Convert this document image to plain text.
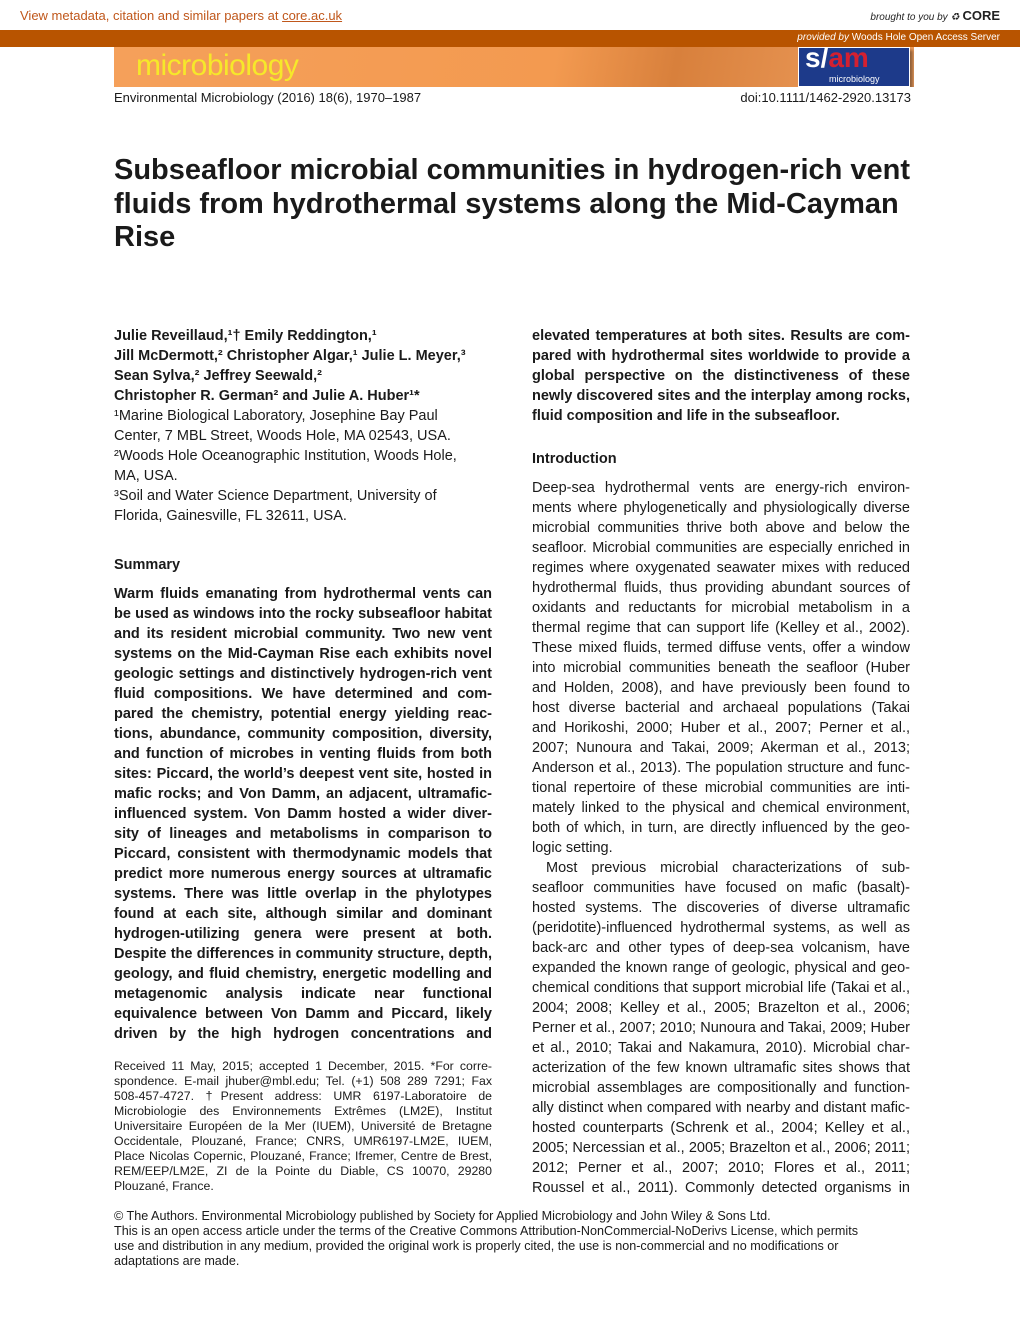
View metadata, citation and similar papers at core.ac.uk	brought to you by ♻ CORE
provided by Woods Hole Open Access Server
microbiology	s/am
microbiology
Environmental Microbiology (2016) 18(6), 1970–1987	doi:10.1111/1462-2920.13173
Subseafloor microbial communities in hydrogen-rich vent fluids from hydrothermal systems along the Mid-Cayman Rise
Julie Reveillaud,¹† Emily Reddington,¹
Jill McDermott,² Christopher Algar,¹ Julie L. Meyer,³
Sean Sylva,² Jeffrey Seewald,²
Christopher R. German² and Julie A. Huber¹*
¹Marine Biological Laboratory, Josephine Bay Paul
Center, 7 MBL Street, Woods Hole, MA 02543, USA.
²Woods Hole Oceanographic Institution, Woods Hole,
MA, USA.
³Soil and Water Science Department, University of
Florida, Gainesville, FL 32611, USA.
Summary
Warm fluids emanating from hydrothermal vents can
be used as windows into the rocky subseafloor habitat
and its resident microbial community. Two new vent
systems on the Mid-Cayman Rise each exhibits novel
geologic settings and distinctively hydrogen-rich vent
fluid compositions. We have determined and com-
pared the chemistry, potential energy yielding reac-
tions, abundance, community composition, diversity,
and function of microbes in venting fluids from both
sites: Piccard, the world’s deepest vent site, hosted in
mafic rocks; and Von Damm, an adjacent, ultramafic-
influenced system. Von Damm hosted a wider diver-
sity of lineages and metabolisms in comparison to
Piccard, consistent with thermodynamic models that
predict more numerous energy sources at ultramafic
systems. There was little overlap in the phylotypes
found at each site, although similar and dominant
hydrogen-utilizing genera were present at both.
Despite the differences in community structure, depth,
geology, and fluid chemistry, energetic modelling and
metagenomic analysis indicate near functional
equivalence between Von Damm and Piccard, likely
driven by the high hydrogen concentrations and
Received 11 May, 2015; accepted 1 December, 2015. *For corre-
spondence. E-mail jhuber@mbl.edu; Tel. (+1) 508 289 7291; Fax
508-457-4727. †Present address: UMR 6197-Laboratoire de
Microbiologie des Environnements Extrêmes (LM2E), Institut
Universitaire Européen de la Mer (IUEM), Université de Bretagne
Occidentale, Plouzané, France; CNRS, UMR6197-LM2E, IUEM,
Place Nicolas Copernic, Plouzané, France; Ifremer, Centre de Brest,
REM/EEP/LM2E, ZI de la Pointe du Diable, CS 10070, 29280
Plouzané, France.
elevated temperatures at both sites. Results are com-
pared with hydrothermal sites worldwide to provide a
global perspective on the distinctiveness of these
newly discovered sites and the interplay among rocks,
fluid composition and life in the subseafloor.
Introduction
Deep-sea hydrothermal vents are energy-rich environ-
ments where phylogenetically and physiologically diverse
microbial communities thrive both above and below the
seafloor. Microbial communities are especially enriched in
regimes where oxygenated seawater mixes with reduced
hydrothermal fluids, thus providing abundant sources of
oxidants and reductants for microbial metabolism in a
thermal regime that can support life (Kelley et al., 2002).
These mixed fluids, termed diffuse vents, offer a window
into microbial communities beneath the seafloor (Huber
and Holden, 2008), and have previously been found to
host diverse bacterial and archaeal populations (Takai
and Horikoshi, 2000; Huber et al., 2007; Perner et al.,
2007; Nunoura and Takai, 2009; Akerman et al., 2013;
Anderson et al., 2013). The population structure and func-
tional repertoire of these microbial communities are inti-
mately linked to the physical and chemical environment,
both of which, in turn, are directly influenced by the geo-
logic setting.
Most previous microbial characterizations of sub-
seafloor communities have focused on mafic (basalt)-
hosted systems. The discoveries of diverse ultramafic
(peridotite)-influenced hydrothermal systems, as well as
back-arc and other types of deep-sea volcanism, have
expanded the known range of geologic, physical and geo-
chemical conditions that support microbial life (Takai et al.,
2004; 2008; Kelley et al., 2005; Brazelton et al., 2006;
Perner et al., 2007; 2010; Nunoura and Takai, 2009; Huber
et al., 2010; Takai and Nakamura, 2010). Microbial char-
acterization of the few known ultramafic sites shows that
microbial assemblages are compositionally and function-
ally distinct when compared with nearby and distant mafic-
hosted counterparts (Schrenk et al., 2004; Kelley et al.,
2005; Nercessian et al., 2005; Brazelton et al., 2006; 2011;
2012; Perner et al., 2007; 2010; Flores et al., 2011;
Roussel et al., 2011). Commonly detected organisms in
© The Authors. Environmental Microbiology published by Society for Applied Microbiology and John Wiley & Sons Ltd.
This is an open access article under the terms of the Creative Commons Attribution-NonCommercial-NoDerivs License, which permits
use and distribution in any medium, provided the original work is properly cited, the use is non-commercial and no modifications or
adaptations are made.
